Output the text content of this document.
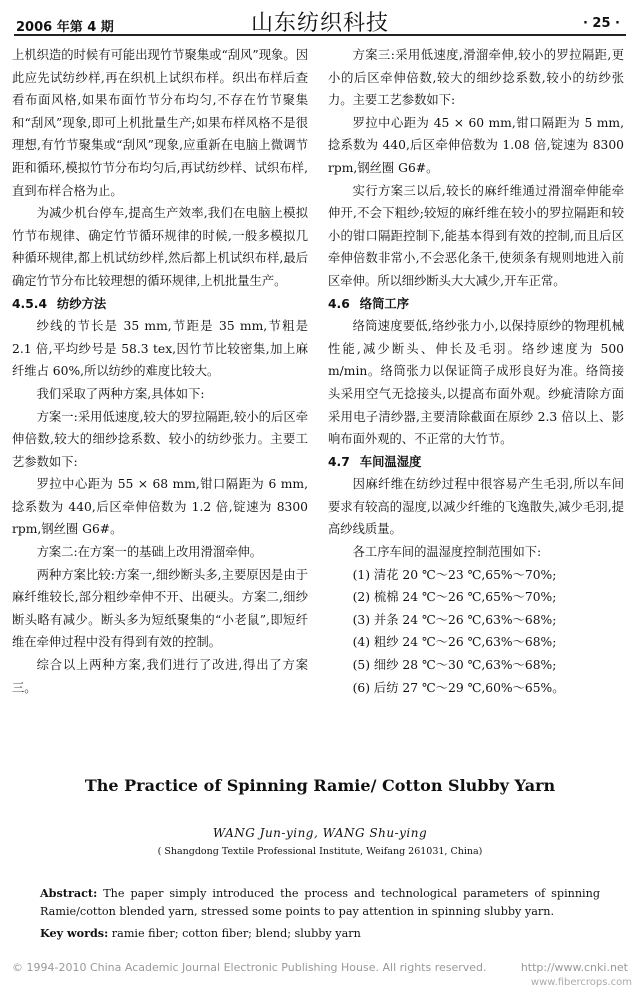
2006 年第 4 期	山东纺织科技	· 25 ·

上机织造的时候有可能出现竹节聚集或“刮风”现象。因此应先试纺纱样,再在织机上试织布样。织出布样后查看布面风格,如果布面竹节分布均匀,不存在竹节聚集和“刮风”现象,即可上机批量生产;如果布样风格不是很理想,有竹节聚集或“刮风”现象,应重新在电脑上微调节距和循环,模拟竹节分布均匀后,再试纺纱样、试织布样,直到布样合格为止。

为减少机台停车,提高生产效率,我们在电脑上模拟竹节布规律、确定竹节循环规律的时候,一般多模拟几种循环规律,都上机试纺纱样,然后都上机试织布样,最后确定竹节分布比较理想的循环规律,上机批量生产。

4.5.4 纺纱方法

纱线的节长是 35 mm,节距是 35 mm,节粗是 2.1 倍,平均纱号是 58.3 tex,因竹节比较密集,加上麻纤维占 60%,所以纺纱的难度比较大。

我们采取了两种方案,具体如下:

方案一:采用低速度,较大的罗拉隔距,较小的后区牵伸倍数,较大的细纱捻系数、较小的纺纱张力。主要工艺参数如下:

罗拉中心距为 55 × 68 mm,钳口隔距为 6 mm,捻系数为 440,后区牵伸倍数为 1.2 倍,锭速为 8300 rpm,钢丝圈 G6#。

方案二:在方案一的基础上改用滑溜牵伸。

两种方案比较:方案一,细纱断头多,主要原因是由于麻纤维较长,部分粗纱牵伸不开、出硬头。方案二,细纱断头略有减少。断头多为短纸聚集的“小老鼠”,即短纤维在牵伸过程中没有得到有效的控制。

综合以上两种方案,我们进行了改进,得出了方案三。

方案三:采用低速度,滑溜牵伸,较小的罗拉隔距,更小的后区牵伸倍数,较大的细纱捻系数,较小的纺纱张力。主要工艺参数如下:

罗拉中心距为 45 × 60 mm,钳口隔距为 5 mm,捻系数为 440,后区牵伸倍数为 1.08 倍,锭速为 8300 rpm,钢丝圈 G6#。

实行方案三以后,较长的麻纤维通过滑溜牵伸能牵伸开,不会下粗纱;较短的麻纤维在较小的罗拉隔距和较小的钳口隔距控制下,能基本得到有效的控制,而且后区牵伸倍数非常小,不会恶化条干,使须条有规则地进入前区牵伸。所以细纱断头大大减少,开车正常。

4.6 络筒工序

络筒速度要低,络纱张力小,以保持原纱的物理机械性能,减少断头、伸长及毛羽。络纱速度为 500 m/min。络筒张力以保证筒子成形良好为准。络筒接头采用空气无捻接头,以提高布面外观。纱疵清除方面采用电子清纱器,主要清除截面在原纱 2.3 倍以上、影响布面外观的、不正常的大竹节。

4.7 车间温湿度

因麻纤维在纺纱过程中很容易产生毛羽,所以车间要求有较高的湿度,以减少纤维的飞逸散失,减少毛羽,提高纱线质量。

各工序车间的温湿度控制范围如下:

(1) 清花 20 ℃～23 ℃,65%～70%;
(2) 梳棉 24 ℃～26 ℃,65%～70%;
(3) 并条 24 ℃～26 ℃,63%～68%;
(4) 粗纱 24 ℃～26 ℃,63%～68%;
(5) 细纱 28 ℃～30 ℃,63%～68%;
(6) 后纺 27 ℃～29 ℃,60%～65%。
The Practice of Spinning Ramie/ Cotton Slubby Yarn
WANG Jun-ying, WANG Shu-ying
( Shangdong Textile Professional Institute, Weifang 261031, China)
Abstract: The paper simply introduced the process and technological parameters of spinning Ramie/cotton blended yarn, stressed some points to pay attention in spinning slubby yarn.
Key words: ramie fiber; cotton fiber; blend; slubby yarn
© 1994-2010 China Academic Journal Electronic Publishing House. All rights reserved.	http://www.cnki.net
www.fibercrops.com
